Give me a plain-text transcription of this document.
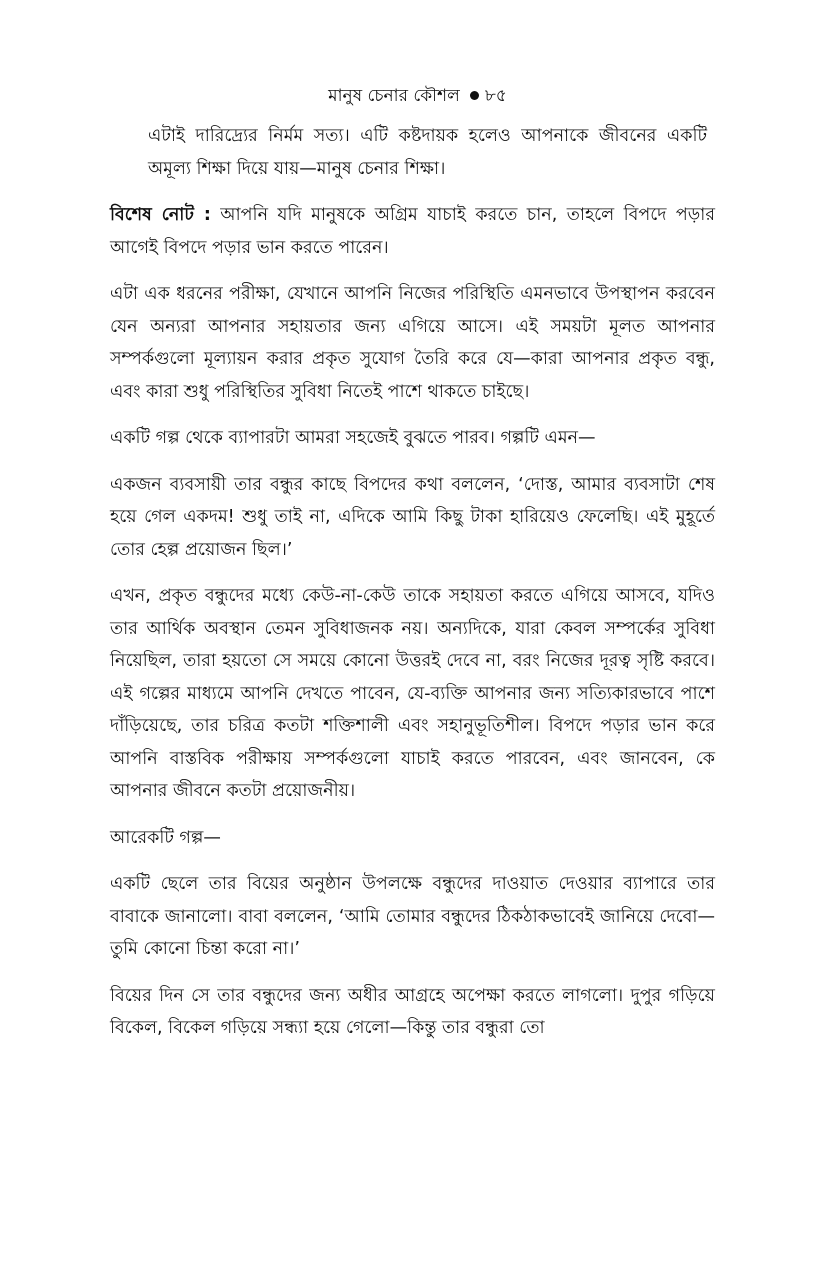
মানুষ চেনার কৌশল ৮৫

এটাই দারিদ্র্যের নির্মম সত্য। এটি কষ্টদায়ক হলেও আপনাকে জীবনের একটি অমূল্য শিক্ষা দিয়ে যায়—মানুষ চেনার শিক্ষা।

বিশেষ নোট : আপনি যদি মানুষকে অগ্রিম যাচাই করতে চান, তাহলে বিপদে পড়ার আগেই বিপদে পড়ার ভান করতে পারেন।

এটা এক ধরনের পরীক্ষা, যেখানে আপনি নিজের পরিস্থিতি এমনভাবে উপস্থাপন করবেন যেন অন্যরা আপনার সহায়তার জন্য এগিয়ে আসে। এই সময়টা মূলত আপনার সম্পর্কগুলো মূল্যায়ন করার প্রকৃত সুযোগ তৈরি করে যে—কারা আপনার প্রকৃত বন্ধু, এবং কারা শুধু পরিস্থিতির সুবিধা নিতেই পাশে থাকতে চাইছে।

একটি গল্প থেকে ব্যাপারটা আমরা সহজেই বুঝতে পারব। গল্পটি এমন—

একজন ব্যবসায়ী তার বন্ধুর কাছে বিপদের কথা বললেন, ‘দোস্ত, আমার ব্যবসাটা শেষ হয়ে গেল একদম! শুধু তাই না, এদিকে আমি কিছু টাকা হারিয়েও ফেলেছি। এই মুহূর্তে তোর হেল্প প্রয়োজন ছিল।’

এখন, প্রকৃত বন্ধুদের মধ্যে কেউ-না-কেউ তাকে সহায়তা করতে এগিয়ে আসবে, যদিও তার আর্থিক অবস্থান তেমন সুবিধাজনক নয়। অন্যদিকে, যারা কেবল সম্পর্কের সুবিধা নিয়েছিল, তারা হয়তো সে সময়ে কোনো উত্তরই দেবে না, বরং নিজের দূরত্ব সৃষ্টি করবে। এই গল্পের মাধ্যমে আপনি দেখতে পাবেন, যে-ব্যক্তি আপনার জন্য সত্যিকারভাবে পাশে দাঁড়িয়েছে, তার চরিত্র কতটা শক্তিশালী এবং সহানুভূতিশীল। বিপদে পড়ার ভান করে আপনি বাস্তবিক পরীক্ষায় সম্পর্কগুলো যাচাই করতে পারবেন, এবং জানবেন, কে আপনার জীবনে কতটা প্রয়োজনীয়।

আরেকটি গল্প—

একটি ছেলে তার বিয়ের অনুষ্ঠান উপলক্ষে বন্ধুদের দাওয়াত দেওয়ার ব্যাপারে তার বাবাকে জানালো। বাবা বললেন, ‘আমি তোমার বন্ধুদের ঠিকঠাকভাবেই জানিয়ে দেবো—তুমি কোনো চিন্তা করো না।’

বিয়ের দিন সে তার বন্ধুদের জন্য অধীর আগ্রহে অপেক্ষা করতে লাগলো। দুপুর গড়িয়ে বিকেল, বিকেল গড়িয়ে সন্ধ্যা হয়ে গেলো—কিন্তু তার বন্ধুরা তো
